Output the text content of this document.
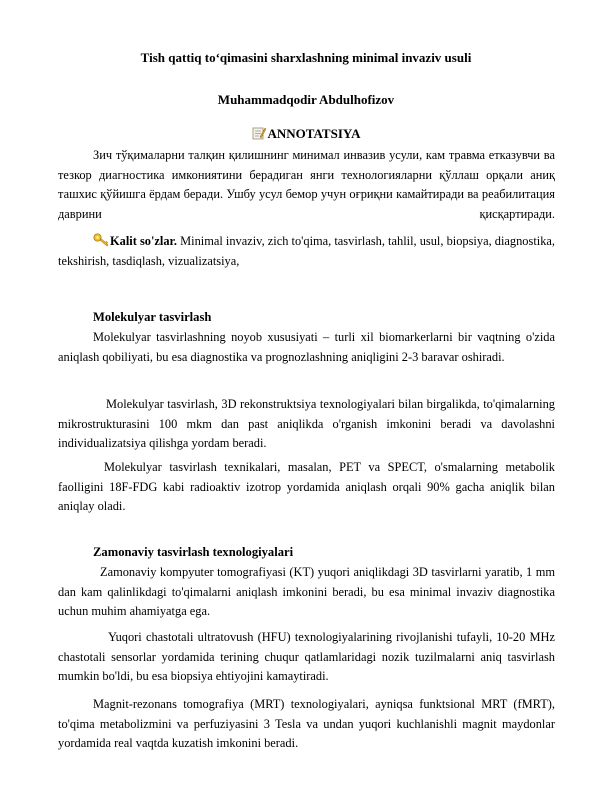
Tish qattiq to‘qimasini sharxlashning minimal invaziv usuli
Muhammadqodir Abdulhofizov
ANNOTATSIYA
Зич тўқималарни талқин қилишнинг минимал инвазив усули, кам травма етказувчи ва тезкор диагностика имкониятини берадиган янги технологияларни қўллаш орқали аниқ ташхис қўйишга ёрдам беради. Ушбу усул бемор учун оғриқни камайтиради ва реабилитация даврини қисқартиради.
Kalit so'zlar. Minimal invaziv, zich to'qima, tasvirlash, tahlil, usul, biopsiya, diagnostika, tekshirish, tasdiqlash, vizualizatsiya,
Molekulyar tasvirlash
Molekulyar tasvirlashning noyob xususiyati – turli xil biomarkerlarni bir vaqtning o'zida aniqlash qobiliyati, bu esa diagnostika va prognozlashning aniqligini 2-3 baravar oshiradi.
Molekulyar tasvirlash, 3D rekonstruktsiya texnologiyalari bilan birgalikda, to'qimalarning mikrostrukturasini 100 mkm dan past aniqlikda o'rganish imkonini beradi va davolashni individualizatsiya qilishga yordam beradi.
Molekulyar tasvirlash texnikalari, masalan, PET va SPECT, o'smalarning metabolik faolligini 18F-FDG kabi radioaktiv izotrop yordamida aniqlash orqali 90% gacha aniqlik bilan aniqlay oladi.
Zamonaviy tasvirlash texnologiyalari
Zamonaviy kompyuter tomografiyasi (KT) yuqori aniqlikdagi 3D tasvirlarni yaratib, 1 mm dan kam qalinlikdagi to'qimalarni aniqlash imkonini beradi, bu esa minimal invaziv diagnostika uchun muhim ahamiyatga ega.
Yuqori chastotali ultratovush (HFU) texnologiyalarining rivojlanishi tufayli, 10-20 MHz chastotali sensorlar yordamida terining chuqur qatlamlaridagi nozik tuzilmalarni aniq tasvirlash mumkin bo'ldi, bu esa biopsiya ehtiyojini kamaytiradi.
Magnit-rezonans tomografiya (MRT) texnologiyalari, ayniqsa funktsional MRT (fMRT), to'qima metabolizmini va perfuziyasini 3 Tesla va undan yuqori kuchlanishli magnit maydonlar yordamida real vaqtda kuzatish imkonini beradi.
